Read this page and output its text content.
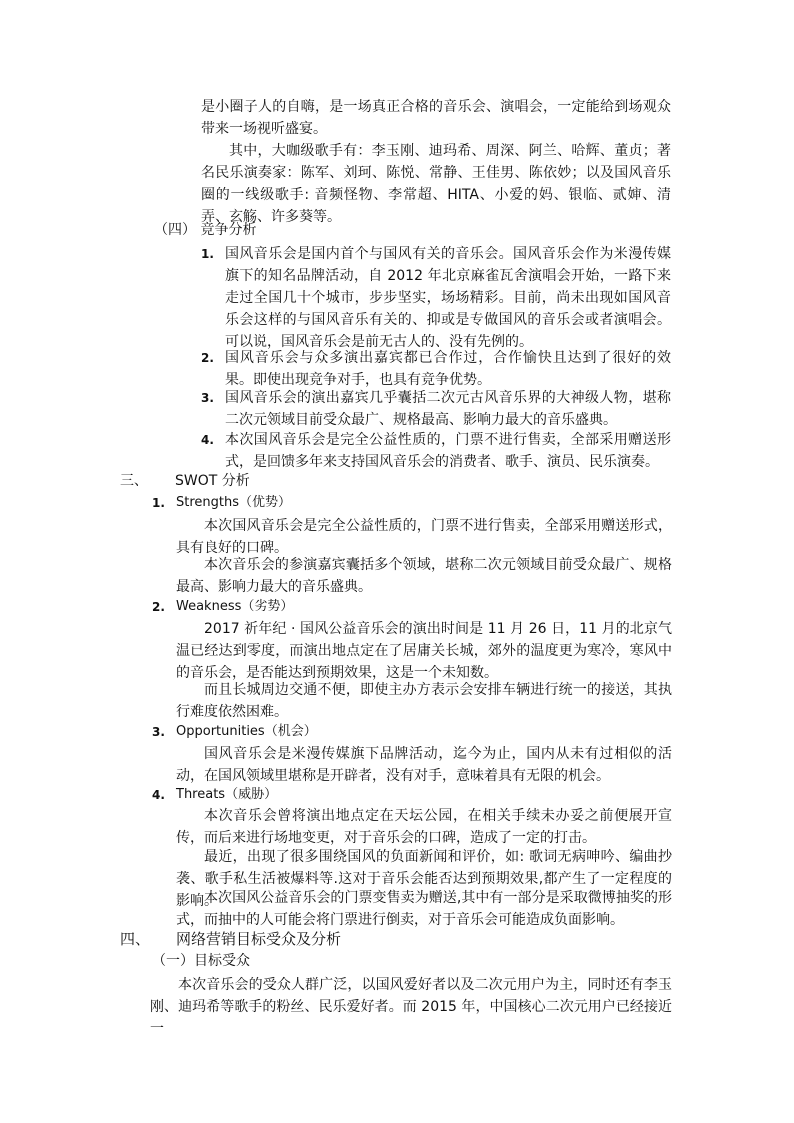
是小圈子人的自嗨，是一场真正合格的音乐会、演唱会，一定能给到场观众带来一场视听盛宴。

其中，大咖级歌手有：李玉刚、迪玛希、周深、阿兰、哈辉、董贞；著名民乐演奏家：陈军、刘珂、陈悦、常静、王佳男、陈依妙；以及国风音乐圈的一线级歌手: 音频怪物、李常超、HITA、小爱的妈、银临、贰婶、清弄、玄觞、许多葵等。

（四） 竞争分析
1. 国风音乐会是国内首个与国风有关的音乐会。国风音乐会作为米漫传媒旗下的知名品牌活动，自 2012 年北京麻雀瓦舍演唱会开始，一路下来走过全国几十个城市，步步坚实，场场精彩。目前，尚未出现如国风音乐会这样的与国风音乐有关的、抑或是专做国风的音乐会或者演唱会。可以说，国风音乐会是前无古人的、没有先例的。

2. 国风音乐会与众多演出嘉宾都已合作过，合作愉快且达到了很好的效果。即使出现竞争对手，也具有竞争优势。

3. 国风音乐会的演出嘉宾几乎囊括二次元古风音乐界的大神级人物，堪称二次元领域目前受众最广、规格最高、影响力最大的音乐盛典。

4. 本次国风音乐会是完全公益性质的，门票不进行售卖，全部采用赠送形式，是回馈多年来支持国风音乐会的消费者、歌手、演员、民乐演奏。

三、 SWOT 分析
1. Strengths（优势）

本次国风音乐会是完全公益性质的，门票不进行售卖，全部采用赠送形式，具有良好的口碑。

本次音乐会的参演嘉宾囊括多个领域，堪称二次元领域目前受众最广、规格最高、影响力最大的音乐盛典。

2. Weakness（劣势）

2017 祈年纪 · 国风公益音乐会的演出时间是 11 月 26 日，11 月的北京气温已经达到零度，而演出地点定在了居庸关长城，郊外的温度更为寒冷，寒风中的音乐会，是否能达到预期效果，这是一个未知数。

而且长城周边交通不便，即使主办方表示会安排车辆进行统一的接送，其执行难度依然困难。

3. Opportunities（机会）

国风音乐会是米漫传媒旗下品牌活动，迄今为止，国内从未有过相似的活动，在国风领域里堪称是开辟者，没有对手，意味着具有无限的机会。

4. Threats（威胁）

本次音乐会曾将演出地点定在天坛公园，在相关手续未办妥之前便展开宣传，而后来进行场地变更，对于音乐会的口碑，造成了一定的打击。

最近，出现了很多围绕国风的负面新闻和评价，如: 歌词无病呻吟、编曲抄袭、歌手私生活被爆料等.这对于音乐会能否达到预期效果,都产生了一定程度的影响。

本次国风公益音乐会的门票变售卖为赠送,其中有一部分是采取微博抽奖的形式，而抽中的人可能会将门票进行倒卖，对于音乐会可能造成负面影响。

四、 网络营销目标受众及分析
（一）目标受众

本次音乐会的受众人群广泛，以国风爱好者以及二次元用户为主，同时还有李玉刚、迪玛希等歌手的粉丝、民乐爱好者。而 2015 年，中国核心二次元用户已经接近一
